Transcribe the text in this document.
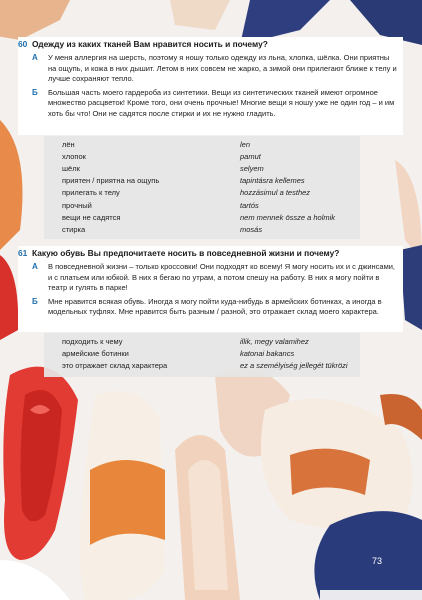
60 Одежду из каких тканей Вам нравится носить и почему?
А	У меня аллергия на шерсть, поэтому я ношу только одежду из льна, хлопка, шёлка. Они приятны на ощупь, и кожа в них дышит. Летом в них совсем не жарко, а зимой они прилегают ближе к телу и лучше сохраняют тепло.
Б	Большая часть моего гардероба из синтетики. Вещи из синтетических тканей имеют огромное множество расцветок! Кроме того, они очень прочные! Многие вещи я ношу уже не один год – и им хоть бы что! Они не садятся после стирки и их не нужно гладить.
лён	len
хлопок	pamut
шёлк	selyem
приятен / приятна на ощупь	tapintásra kellemes
прилегать к телу	hozzásimul a testhez
прочный	tartós
вещи не садятся	nem mennek össze a holmik
стирка	mosás
61 Какую обувь Вы предпочитаете носить в повседневной жизни и почему?
А	В повседневной жизни – только кроссовки! Они подходят ко всему! Я могу носить их и с джинсами, и с платьем или юбкой. В них я бегаю по утрам, а потом спешу на работу. В них я могу пойти в театр и гулять в парке!
Б	Мне нравится всякая обувь. Иногда я могу пойти куда-нибудь в армейских ботинках, а иногда в модельных туфлях. Мне нравится быть разным / разной, это отражает склад моего характера.
подходить к чему	illik, megy valamihez
армейские ботинки	katonai bakancs
это отражает склад характера	ez a személyiség jellegét tükrözi
73
